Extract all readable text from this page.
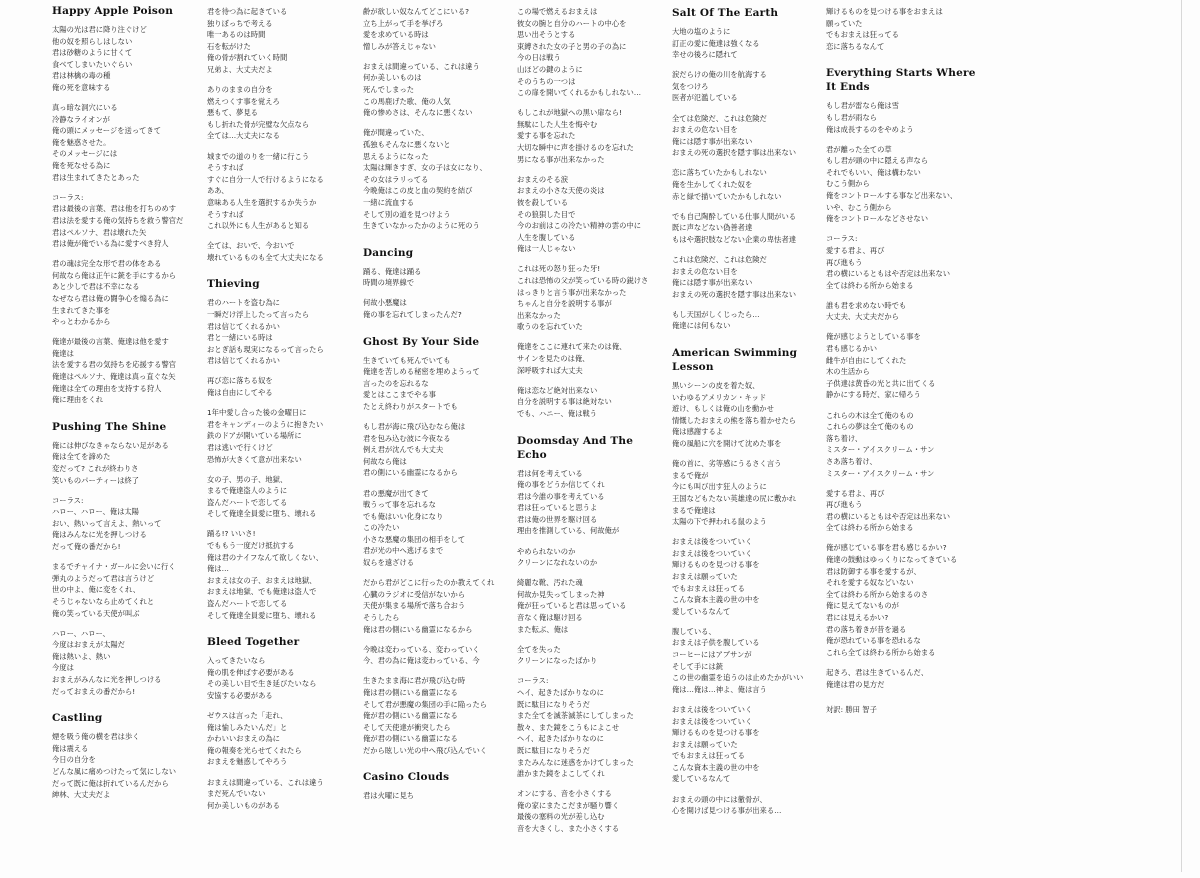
Happy Apple Poison
太陽の光は君に降り注ぐけど
他の奴を照らしはしない
君は砂糖のように甘くて
食べてしまいたいぐらい
君は林檎の毒の種
俺の死を意味する
真っ暗な洞穴にいる
冷静なライオンが
俺の頭にメッセージを送ってきて
俺を魅惑させた。
そのメッセージには
俺を死なせる為に
君は生まれてきたとあった
コーラス:
君は最後の言葉、君は他を打ちのめす
君は法を愛する俺の気持ちを救う警官だ
君はペルソナ、君は壊れた矢
君は俺が俺でいる為に愛すべき狩人
君の魂は完全な形で君の体をある
何故なら俺は正午に銃を手にするから
あと少しで君は不幸になる
なぜなら君は俺の闘争心を煽る為に
生まれてきた事を
やっとわかるから
俺達が最後の言葉、俺達は他を愛す
俺達は
法を愛する君の気持ちを応援する警官
俺達はペルソナ、俺達は真っ直ぐな矢
俺達は全ての理由を支持する狩人
俺に理由をくれ
Pushing The Shine
俺には伸びなきゃならない足がある
俺は全てを諦めた
変だって? これが終わりさ
笑いものパーティーは終了
コーラス:
ハロー、ハロー、俺は太陽
おい、熱いって言えよ、熱いって
俺はみんなに光を押しつける
だって俺の番だから!
まるでチャイナ・ガールに会いに行く
弾丸のようだって君は言うけど
世の中よ、俺に変をくれ、
そうじゃないなら止めてくれと
俺の笑っている天使が叫ぶ
ハロー、ハロー、
今度はおまえが太陽だ
俺は熱いよ、熱い
今度は
おまえがみんなに光を押しつける
だっておまえの番だから!
Castling
煙を吸う俺の横を君は歩く
俺は震える
今日の自分を
どんな風に痛めつけたって気にしない
だって既に俺は折れているんだから
紳林、大丈夫だよ
君を待つ為に起きている
独りぼっちで考える
唯一あるのは時間
石を転がけた
俺の骨が割れていく時間
兄弟よ、大丈夫だよ
ありのままの自分を
燃えつくす事を覚えろ
悪もて、夢見る
もし折れた骨が完璧な欠点なら
全ては…大丈夫になる
城までの道のりを一緒に行こう
そうすれば
すぐに自分一人で行けるようになる
ああ、
意味ある人生を選択するか失うか
そうすれば
これ以外にも人生があると知る
全ては、おいで、今おいで
壊れているものも全て大丈夫になる
Thieving
君のハートを盗む為に
一瞬だけ浮上したって言ったら
君は信じてくれるかい
君と一緒にいる時は
おとぎ話も現実になるって言ったら
君は信じてくれるかい
再び恋に落ちる奴を
俺は自由にしてやる
1年中愛し合った後の金曜日に
君をキャンディーのように抱きたい
鉄のドアが開いている場所に
君は逃いで行くけど
恐怖が大きくて意が出来ない
女の子、男の子、地獄、
まるで俺達盗人のように
盗んだハートで恋してる
そして俺達全員愛に堕ち、壊れる
踊る!? いいさ!
でももう一度だけ抵抗する
俺は君のナイフなんて欲しくない、
俺は…
おまえは女の子、おまえは地獄、
おまえは地獄、でも俺達は盗人で
盗んだハートで恋してる
そして俺達全員愛に堕ち、壊れる
Bleed Together
入ってきたいなら
俺の肌を伸ばす必要がある
その美しい目で生き延びたいなら
安協する必要がある
ゼウスは言った「走れ、
俺は愉しみたいんだ」と
かわいいおまえの為に
俺の報奏を光らせてくれたら
おまえを魅惑してやろう
おまえは間違っている、これは違う
まだ死んでいない
何か美しいものがある
齢が欲しい奴なんてどこにいる?
立ち上がって手を挙げろ
愛を求めている時は
憎しみが答えじゃない
おまえは間違っている、これは違う
何か美しいものは
死んでしまった
この馬鹿げた歌、俺の人気
俺の惨めさは、そんなに悪くない
俺が間違っていた、
孤独もそんなに悪くないと
思えるようになった
太陽は輝きすぎ、女の子は女になり、
その女はラリってる
今晩俺はこの皮と血の契約を結び
一緒に流血する
そして別の道を見つけよう
生きていなかったかのように死のう
Dancing
踊る、俺達は踊る
時間の境界線で
何故小悪魔は
俺の事を忘れてしまったんだ?
Ghost By Your Side
生きていても死んでいても
俺達を苦しめる秘密を埋めようって
言ったのを忘れるな
愛とはここまでやる事
たとえ終わりがスタートでも
もし君が海に飛び込むなら俺は
君を包み込む波に今夜なる
例え君が沈んでも大丈夫
何故なら俺は
君の側にいる幽霊になるから
君の悪魔が出てきて
戦うって事を忘れるな
でも俺はいい化身になり
この冷たい
小さな悪魔の集団の相手をして
君が光の中へ逃げるまで
奴らを遠ざける
だから君がどこに行ったのか教えてくれ
心臓のラジオに受信がないから
天使が集まる場所で落ち合おう
そうしたら
俺は君の側にいる幽霊になるから
今晩は変わっている、変わっていく
今、君の為に俺は変わっている、今
生きたまま海に君が飛び込む時
俺は君の側にいる幽霊になる
そして君が悪魔の集団の手に陥ったら
俺が君の側にいる幽霊になる
そして天使達が衝突したら
俺が君の側にいる幽霊になる
だから眩しい光の中へ飛び込んでいく
Casino Clouds
君は火曜に見ち
この場で燃えるおまえは
彼女の腕と自分のハートの中心を
思い出そうとする
束縛された女の子と男の子の為に
今の日は戦う
山ほどの鍵のように
そのうちの一つは
この扉を開いてくれるかもしれない…
もしこれが地獄への黒い扉なら!
無駄にした人生を悔やむ
愛する事を忘れた
大切な瞬中に声を掛けるのを忘れた
男になる事が出来なかった
おまえのそる涙
おまえの小さな天使の炎は
彼を殺している
その狼狽した目で
今のお前はこの冷たい精神の雲の中に
人生を腹している
俺は一人じゃない
これは死の怒り狂った牙!
これは恐怖の父が笑っている時の鋭けさ
はっきりと言う事が出来なかった
ちゃんと自分を説明する事が
出来なかった
歌うのを忘れていた
俺達をここに連れて来たのは俺、
サインを見たのは俺、
深呼吸すれば大丈夫
俺は恋など絶対出来ない
自分を説明する事は絶対ない
でも、ハニー、俺は戦う
Doomsday And The Echo
君は何を考えている
俺の事をどうか信じてくれ
君は今誰の事を考えている
君は狂っていると思うよ
君は俺の世界を駆け回る
理由を推測している、何故俺が
やめられないのか
クリーンになれないのか
綺麗な靴、汚れた魂
何故か見失ってしまった神
俺が狂っていると君は思っている
音なく俺は駆け回る
また転ぶ、俺は
全てを失った
クリーンになったばかり
コーラス:
ヘイ、起きたばかりなのに
既に駄目になりそうだ
また全てを滅茶滅茶にしてしまった
散々、また鏡をこうもによこせ
ヘイ、起きたばかりなのに
既に駄目になりそうだ
またみんなに迷惑をかけてしまった
誰かまた鏡をよこしてくれ
オンにする、音を小さくする
俺の家にまたこだまが騒り響く
最後の塞料の光が差し込む
音を大きくし、また小さくする
Salt Of The Earth
大地の塩のように
訂正の愛に俺達は強くなる
幸せの後ろに隠れて
涙だらけの俺の川を航海する
気をつけろ
医者が氾濫している
全ては危険だ、これは危険だ
おまえの危ない目を
俺には隠す事が出来ない
おまえの死の選択を隠す事は出来ない
恋に落ちていたかもしれない
俺を生かしてくれた奴を
赤と緑で描いていたかもしれない
でも自己陶酔している仕事人間がいる
既に声などない偽善者達
もはや選択肢などない企業の卑怯者達
これは危険だ、これは危険だ
おまえの危ない目を
俺には隠す事が出来ない
おまえの死の選択を隠す事は出来ない
もし天国がしくじったら…
俺達には何もない
American Swimming Lesson
黒いシーンの皮を着た奴、
いわゆるアメリカン・キッド
遊け、もしくは俺の山を動かせ
情慨したおまえの熊を落ち着かせたら
俺は感謝するよ
俺の風船に穴を開けて沈めた事を
俺の首に、劣等感にうるさく言う
まるで俺が
今にも叫び出す狂人のように
王国などもたない英雄達の尻に敷かれ
まるで俺達は
太陽の下で押われる鼠のよう
おまえは後をついていく
おまえは後をついていく
輝けるものを見つける事を
おまえは願っていた
でもおまえは狂ってる
こんな資本主義の世の中を
愛しているなんて
腹している、
おまえは子供を腹している
コーヒーにはアブサンが
そして手には銃
この世の幽霊を追うのは止めたかがいい
俺は…俺は…神よ、俺は言う
おまえは後をついていく
おまえは後をついていく
輝けるものを見つける事を
おまえは願っていた
でもおまえは狂ってる
こんな資本主義の世の中を
愛しているなんて
おまえの頭の中には徹骨が、
心を開けば見つける事が出来る…
輝けるものを見つける事をおまえは
願っていた
でもおまえは狂ってる
恋に落ちるなんて
Everything Starts Where It Ends
もし君が雷なら俺は雪
もし君が雨なら
俺は成長するのをやめよう
君が離った全ての草
もし君が頭の中に隠える声なら
それでもいい、俺は構わない
むこう側から
俺をコントロールする事など出来ない、
いや、むこう側から
俺をコントロールなどさせない
コーラス:
愛する君よ、再び
再び進もう
君の横にいるともはや否定は出来ない
全ては終わる所から始まる
誰も君を求めない時でも
大丈夫、大丈夫だから
俺が感じようとしている事を
君も感じるかい
雌牛が自由にしてくれた
木の生活から
子供達は黄昏の光と共に出てくる
静かにする時だ、家に帰ろう
これらの木は全て俺のもの
これらの夢は全て俺のもの
落ち着け、
ミスター・アイスクリーム・サン
さあ落ち着け、
ミスター・アイスクリーム・サン
愛する君よ、再び
再び進もう
君の横にいるともはや否定は出来ない
全ては終わる所から始まる
俺が感じている事を君も感じるかい?
俺達の鼓動はゆっくりになってきている
君は防御する事を愛するが、
それを愛する奴などいない
全ては終わる所から始まるのさ
俺に見えてないものが
君には見えるかい?
君の落ち着きが昔を過る
俺が恐れている事を恐れるな
これら全ては終わる所から始まる
起きろ、君は生きているんだ、
俺達は君の見方だ
対訳: 勝田 智子
